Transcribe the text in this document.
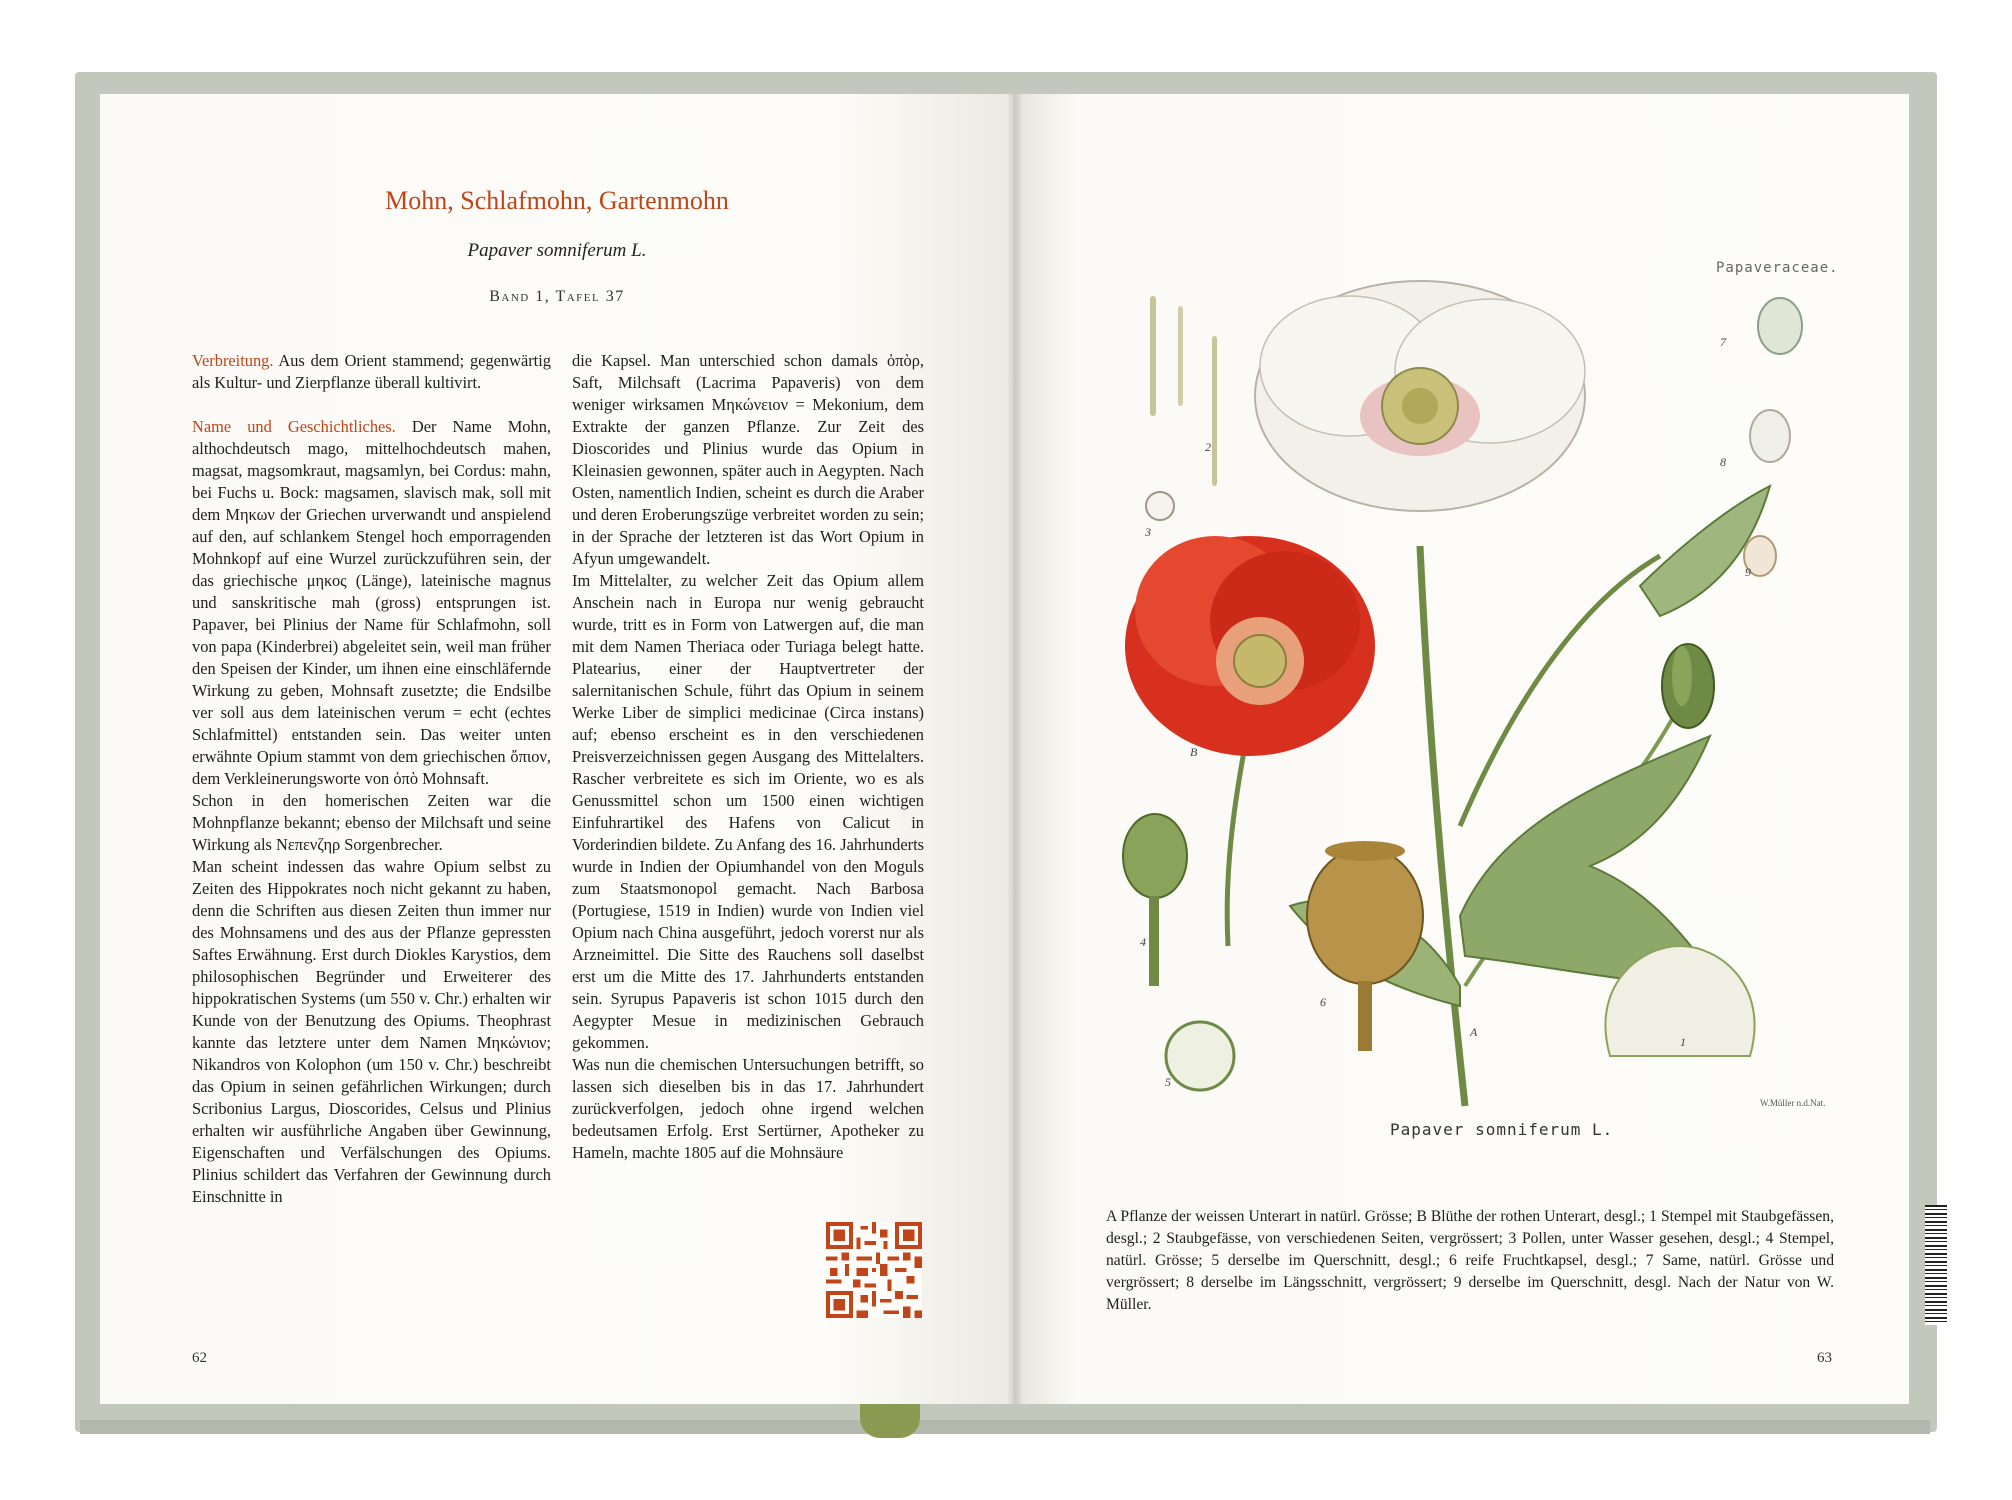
Mohn, Schlafmohn, Gartenmohn
Papaver somniferum L.
Band 1, Tafel 37

Verbreitung. Aus dem Orient stammend; gegenwärtig als Kultur- und Zierpflanze überall kultivirt.

Name und Geschichtliches. Der Name Mohn, althochdeutsch mago, mittelhochdeutsch mahen, magsat, magsomkraut, magsamlyn, bei Cordus: mahn, bei Fuchs u. Bock: magsamen, slavisch mak, soll mit dem Μηκων der Griechen urverwandt und anspielend auf den, auf schlankem Stengel hoch emporragenden Mohnkopf auf eine Wurzel zurückzuführen sein, der das griechische μηκος (Länge), lateinische magnus und sanskritische mah (gross) entsprungen ist. Papaver, bei Plinius der Name für Schlafmohn, soll von papa (Kinderbrei) abgeleitet sein, weil man früher den Speisen der Kinder, um ihnen eine einschläfernde Wirkung zu geben, Mohnsaft zusetzte; die Endsilbe ver soll aus dem lateinischen verum = echt (echtes Schlafmittel) entstanden sein. Das weiter unten erwähnte Opium stammt von dem griechischen ὄπιον, dem Verkleinerungsworte von ὀπὸ Mohnsaft.

Schon in den homerischen Zeiten war die Mohnpflanze bekannt; ebenso der Milchsaft und seine Wirkung als Νεπενζηρ Sorgenbrecher.

Man scheint indessen das wahre Opium selbst zu Zeiten des Hippokrates noch nicht gekannt zu haben, denn die Schriften aus diesen Zeiten thun immer nur des Mohnsamens und des aus der Pflanze gepressten Saftes Erwähnung. Erst durch Diokles Karystios, dem philosophischen Begründer und Erweiterer des hippokratischen Systems (um 550 v. Chr.) erhalten wir Kunde von der Benutzung des Opiums. Theophrast kannte das letztere unter dem Namen Μηκώνιον; Nikandros von Kolophon (um 150 v. Chr.) beschreibt das Opium in seinen gefährlichen Wirkungen; durch Scribonius Largus, Dioscorides, Celsus und Plinius erhalten wir ausführliche Angaben über Gewinnung, Eigenschaften und Verfälschungen des Opiums. Plinius schildert das Verfahren der Gewinnung durch Einschnitte in

die Kapsel. Man unterschied schon damals ὀπὸρ, Saft, Milchsaft (Lacrima Papaveris) von dem weniger wirksamen Μηκώνειον = Mekonium, dem Extrakte der ganzen Pflanze. Zur Zeit des Dioscorides und Plinius wurde das Opium in Kleinasien gewonnen, später auch in Aegypten. Nach Osten, namentlich Indien, scheint es durch die Araber und deren Eroberungszüge verbreitet worden zu sein; in der Sprache der letzteren ist das Wort Opium in Afyun umgewandelt.

Im Mittelalter, zu welcher Zeit das Opium allem Anschein nach in Europa nur wenig gebraucht wurde, tritt es in Form von Latwergen auf, die man mit dem Namen Theriaca oder Turiaga belegt hatte. Platearius, einer der Hauptvertreter der salernitanischen Schule, führt das Opium in seinem Werke Liber de simplici medicinae (Circa instans) auf; ebenso erscheint es in den verschiedenen Preisverzeichnissen gegen Ausgang des Mittelalters. Rascher verbreitete es sich im Oriente, wo es als Genussmittel schon um 1500 einen wichtigen Einfuhrartikel des Hafens von Calicut in Vorderindien bildete. Zu Anfang des 16. Jahrhunderts wurde in Indien der Opiumhandel von den Moguls zum Staatsmonopol gemacht. Nach Barbosa (Portugiese, 1519 in Indien) wurde von Indien viel Opium nach China ausgeführt, jedoch vorerst nur als Arzneimittel. Die Sitte des Rauchens soll daselbst erst um die Mitte des 17. Jahrhunderts entstanden sein. Syrupus Papaveris ist schon 1015 durch den Aegypter Mesue in medizinischen Gebrauch gekommen.

Was nun die chemischen Untersuchungen betrifft, so lassen sich dieselben bis in das 17. Jahrhundert zurückverfolgen, jedoch ohne irgend welchen bedeutsamen Erfolg. Erst Sertürner, Apotheker zu Hameln, machte 1805 auf die Mohnsäure

62
Papaveraceae.
A
B
1
2
3
4
5
6
7
8
9
W.Müller n.d.Nat.
Papaver somniferum L.
A Pflanze der weissen Unterart in natürl. Grösse; B Blüthe der rothen Unterart, desgl.; 1 Stempel mit Staubgefässen, desgl.; 2 Staubgefässe, von verschiedenen Seiten, vergrössert; 3 Pollen, unter Wasser gesehen, desgl.; 4 Stempel, natürl. Grösse; 5 derselbe im Querschnitt, desgl.; 6 reife Fruchtkapsel, desgl.; 7 Same, natürl. Grösse und vergrössert; 8 derselbe im Längsschnitt, vergrössert; 9 derselbe im Querschnitt, desgl. Nach der Natur von W. Müller.
63
